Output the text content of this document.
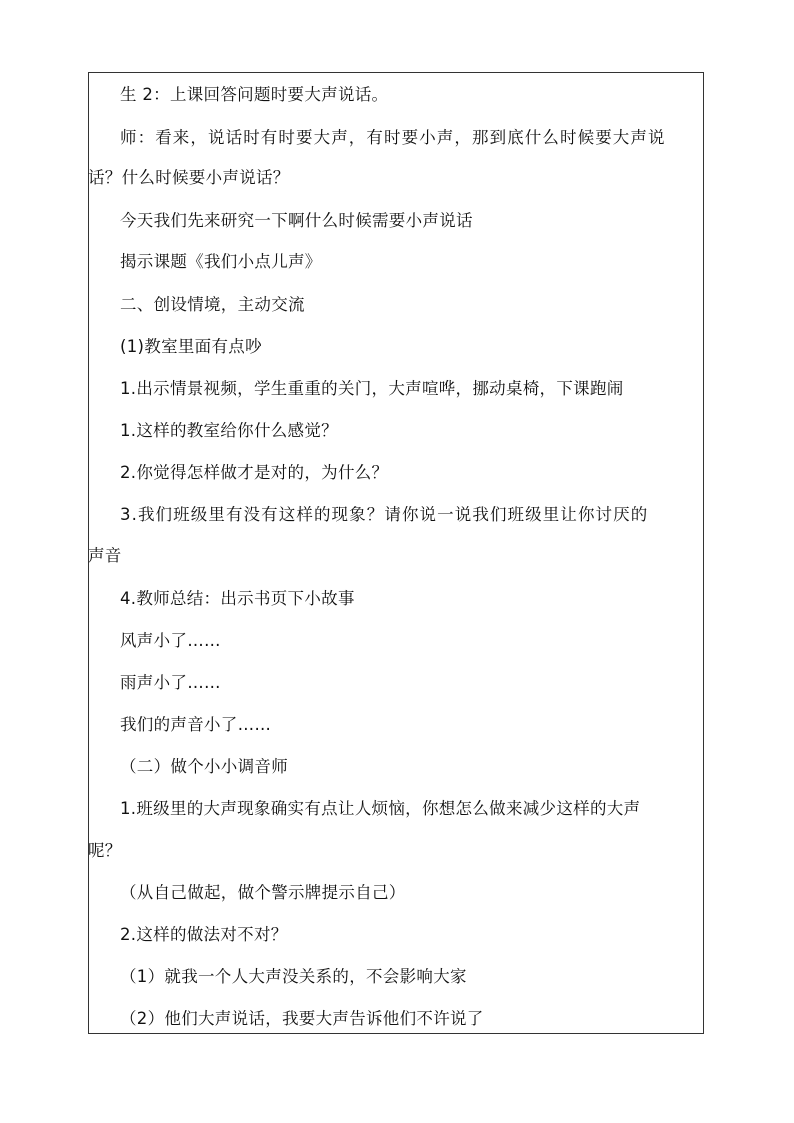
生 2：上课回答问题时要大声说话。
师：看来，说话时有时要大声，有时要小声，那到底什么时候要大声说
话？什么时候要小声说话？
今天我们先来研究一下啊什么时候需要小声说话
揭示课题《我们小点儿声》
二、创设情境，主动交流
(1)教室里面有点吵
1.出示情景视频，学生重重的关门，大声喧哗，挪动桌椅，下课跑闹
1.这样的教室给你什么感觉？
2.你觉得怎样做才是对的，为什么？
3.我们班级里有没有这样的现象？请你说一说我们班级里让你讨厌的
声音
4.教师总结：出示书页下小故事
风声小了……
雨声小了……
我们的声音小了……
（二）做个小小调音师
1.班级里的大声现象确实有点让人烦恼，你想怎么做来减少这样的大声
呢？
（从自己做起，做个警示牌提示自己）
2.这样的做法对不对？
（1）就我一个人大声没关系的，不会影响大家
（2）他们大声说话，我要大声告诉他们不许说了
